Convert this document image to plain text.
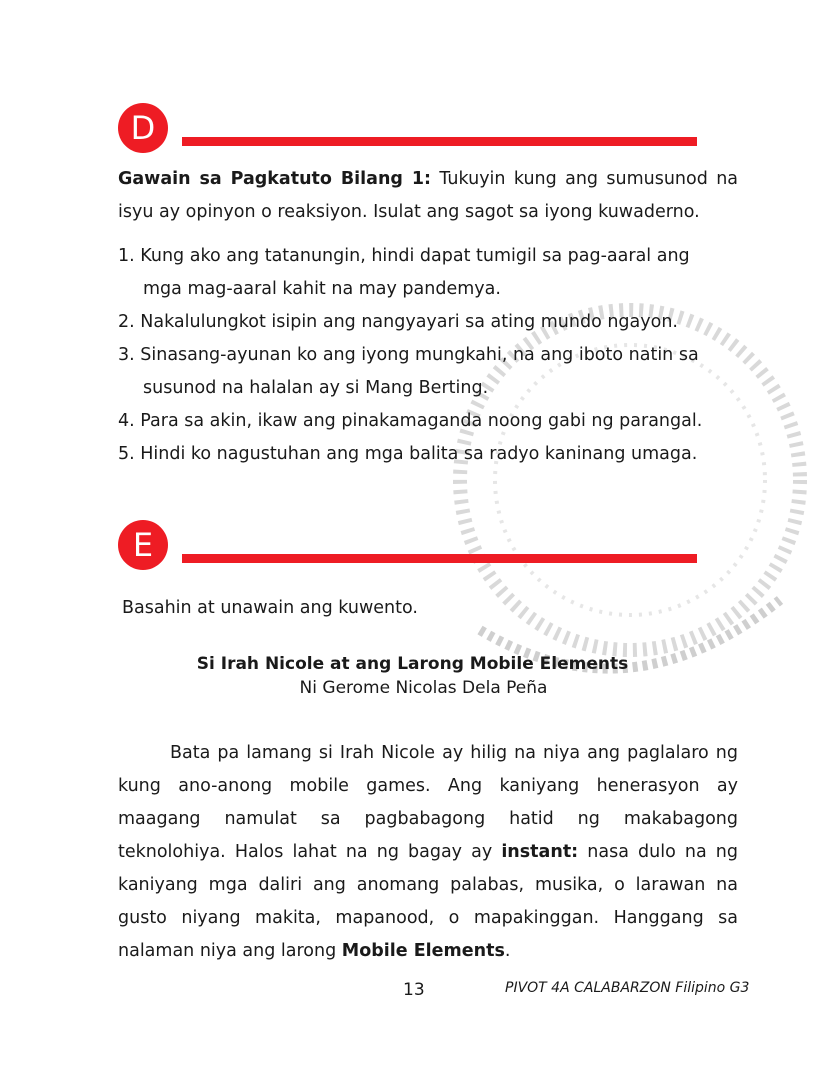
D
Gawain sa Pagkatuto Bilang 1: Tukuyin kung ang sumusunod na isyu ay opinyon o reaksiyon. Isulat ang sagot sa iyong kuwaderno.
1. Kung ako ang tatanungin, hindi dapat tumigil sa pag-aaral ang
mga mag-aaral kahit na may pandemya.
2. Nakalulungkot isipin ang nangyayari sa ating mundo ngayon.
3. Sinasang-ayunan ko ang iyong mungkahi, na ang iboto natin sa
susunod na halalan ay si Mang Berting.
4. Para sa akin, ikaw ang pinakamaganda noong gabi ng parangal.
5. Hindi ko nagustuhan ang mga balita sa radyo kaninang umaga.
E
Basahin at unawain ang kuwento.
Si Irah Nicole at ang Larong Mobile Elements
Ni Gerome Nicolas Dela Peña
Bata pa lamang si Irah Nicole ay hilig na niya ang paglalaro ng kung ano-anong mobile games. Ang kaniyang henerasyon ay maagang namulat sa pagbabagong hatid ng makabagong teknolohiya. Halos lahat na ng bagay ay instant: nasa dulo na ng kaniyang mga daliri ang anomang palabas, musika, o larawan na gusto niyang makita, mapanood, o mapakinggan. Hanggang sa nalaman niya ang larong Mobile Elements.
13	PIVOT 4A CALABARZON Filipino G3
